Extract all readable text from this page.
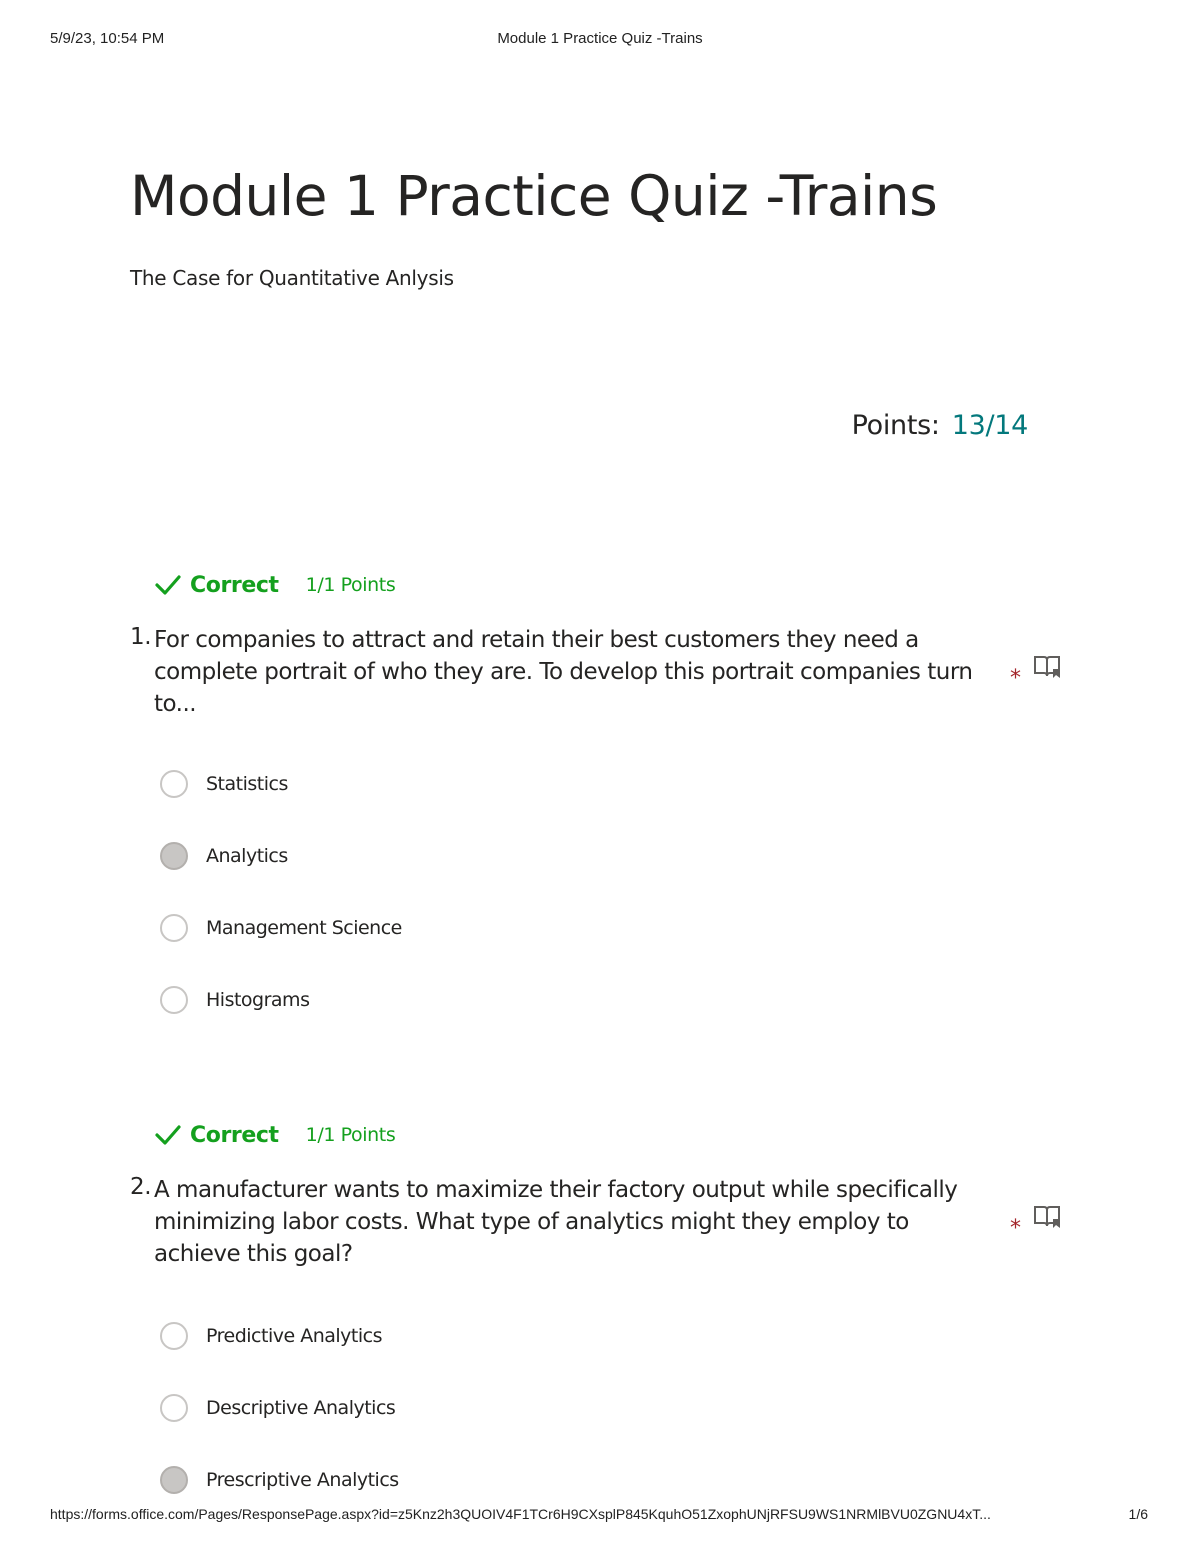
5/9/23, 10:54 PM	Module 1 Practice Quiz -Trains
Module 1 Practice Quiz -Trains
The Case for Quantitative Anlysis
Points: 13/14
Correct 1/1 Points
1. For companies to attract and retain their best customers they need a complete portrait of who they are. To develop this portrait companies turn to...
*
Statistics
Analytics
Management Science
Histograms
Correct 1/1 Points
2. A manufacturer wants to maximize their factory output while specifically minimizing labor costs. What type of analytics might they employ to achieve this goal?
*
Predictive Analytics
Descriptive Analytics
Prescriptive Analytics
https://forms.office.com/Pages/ResponsePage.aspx?id=z5Knz2h3QUOIV4F1TCr6H9CXsplP845KquhO51ZxophUNjRFSU9WS1NRMlBVU0ZGNU4xT...	1/6
